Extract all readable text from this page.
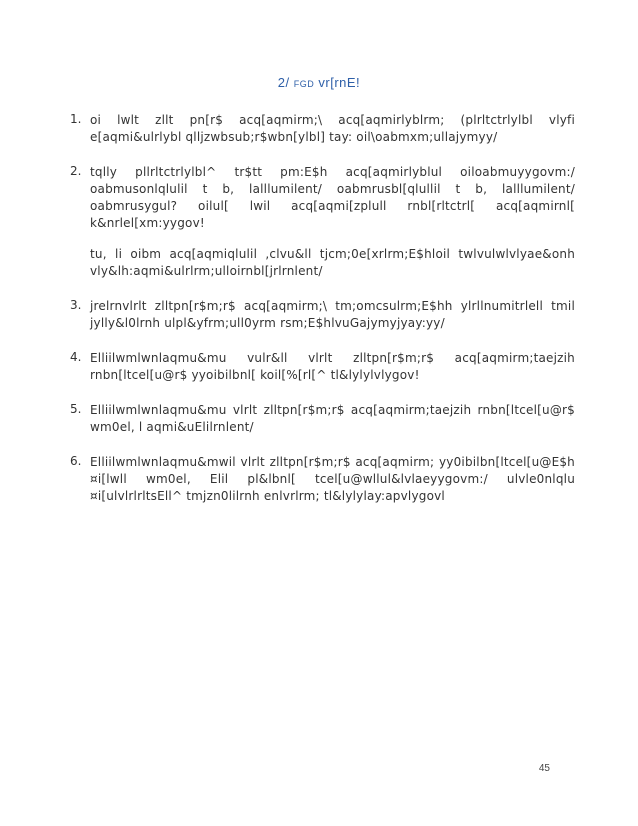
2/ FGD vr[rnE!
1. oi lwlt zllt pn[r$ acq[aqmirm;\ acq[aqmirlyblrm; (plrltctrlylbl vlyfi e[aqmi&ulrlybl qlljzwbsub;r$wbn[ylbl] tay: oil\oabmxm;ullajymyy/
2. tqlly pllrltctrlylbl^ tr$tt pm:E$h acq[aqmirlyblul oiloabmuyygovm:/ oabmusonlqlulil t b, lalllumilent/ oabmrusbl[qlullil t b, lalllumilent/ oabmrusygul? oilul[ lwil acq[aqmi[zplull rnbl[rltctrl[ acq[aqmirnl[ k&nrlel[xm:yygov!
tu, li oibm acq[aqmiqlulil ,clvu&ll tjcm;0e[xrlrm;E$hloil twlvulwlvlyae&onh vly&lh:aqmi&ulrlrm;ulloirnbl[jrlrnlent/
3. jrelrnvlrlt zlltpn[r$m;r$ acq[aqmirm;\ tm;omcsulrm;E$hh ylrllnumitrlell tmil jylly&l0lrnh ulpl&yfrm;ull0yrm rsm;E$hlvuGajymyjyay:yy/
4. Elliilwmlwnlaqmu&mu vulr&ll vlrlt zlltpn[r$m;r$ acq[aqmirm;taejzih rnbn[ltcel[u@r$ yyoibilbnl[ koil[%[rl[^ tl&lylylvlygov!
5. Elliilwmlwnlaqmu&mu vlrlt zlltpn[r$m;r$ acq[aqmirm;taejzih rnbn[ltcel[u@r$ wm0el, l aqmi&uElilrnlent/
6. Elliilwmlwnlaqmu&mwil vlrlt zlltpn[r$m;r$ acq[aqmirm; yy0ibilbn[ltcel[u@E$h ¤i[lwll wm0el, Elil pl&lbnl[ tcel[u@wllul&lvlaeyygovm:/ ulvle0nlqlu ¤i[ulvlrlrltsEll^ tmjzn0lilrnh enlvrlrm; tl&lylylay:apvlygovl
45
